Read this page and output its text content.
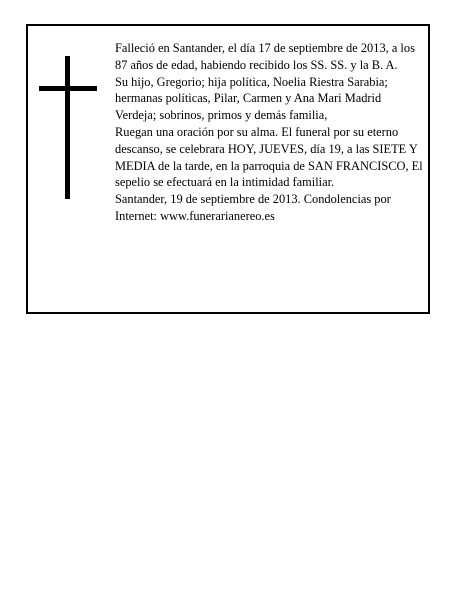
Falleció en Santander, el día 17 de septiembre de 2013, a los 87 años de edad, habiendo recibido los SS. SS. y la B. A.

Su hijo, Gregorio; hija política, Noelia Riestra Sarabia; hermanas políticas, Pilar, Carmen y Ana Mari Madrid Verdeja; sobrinos, primos y demás familia,

Ruegan una oración por su alma. El funeral por su eterno descanso, se celebrara HOY, JUEVES, día 19, a las SIETE Y MEDIA de la tarde, en la parroquia de SAN FRANCISCO, El sepelio se efectuará en la intimidad familiar.

Santander, 19 de septiembre de 2013. Condolencias por Internet: www.funerarianereo.es
